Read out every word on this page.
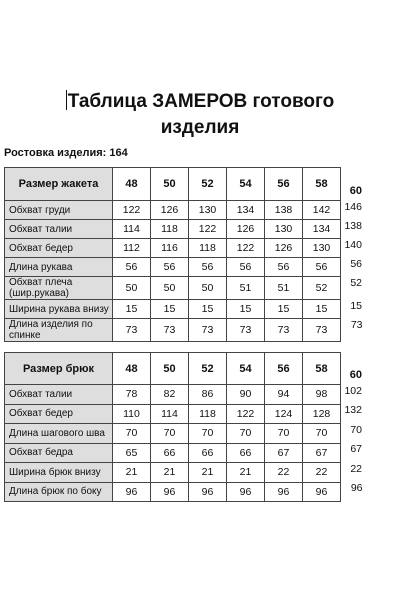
Таблица ЗАМЕРОВ готового
изделия
Ростовка изделия: 164
Размер жакета	48	50	52	54	56	58	60
Обхват груди	122	126	130	134	138	142	146
Обхват талии	114	118	122	126	130	134	138
Обхват бедер	112	116	118	122	126	130	140
Длина рукава	56	56	56	56	56	56	56
Обхват плеча (шир.рукава)	50	50	50	51	51	52	52
Ширина рукава внизу	15	15	15	15	15	15	15
Длина изделия по спинке	73	73	73	73	73	73	73
Размер брюк	48	50	52	54	56	58	60
Обхват талии	78	82	86	90	94	98	102
Обхват бедер	110	114	118	122	124	128	132
Длина шагового шва	70	70	70	70	70	70	70
Обхват бедра	65	66	66	66	67	67	67
Ширина брюк внизу	21	21	21	21	22	22	22
Длина брюк по боку	96	96	96	96	96	96	96
